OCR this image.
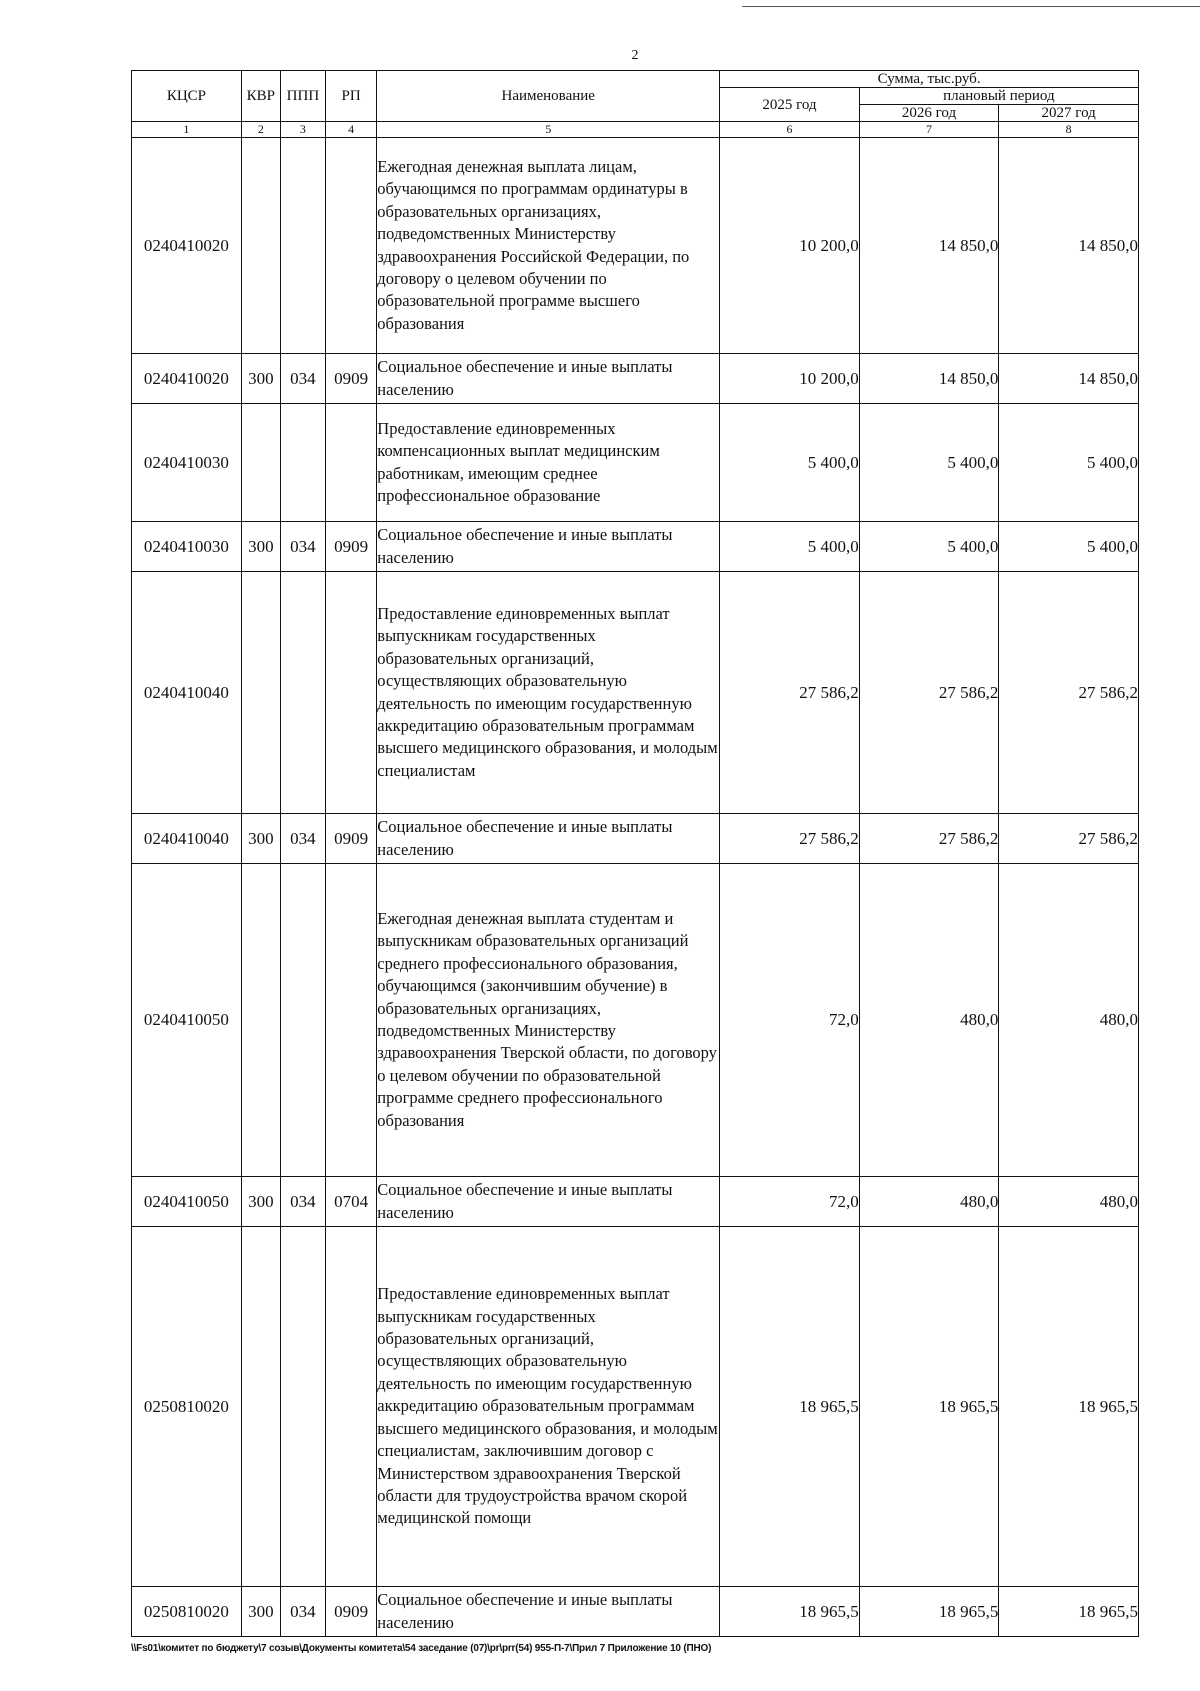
2
КЦСР	КВР	ППП	РП	Наименование	Сумма, тыс.руб.		
					2025 год	плановый период	
						2026 год	2027 год
1	2	3	4	5	6	7	8
0240410020				Ежегодная денежная выплата лицам, обучающимся по программам ординатуры в образовательных организациях, подведомственных Министерству здравоохранения Российской Федерации, по договору о целевом обучении по образовательной программе высшего образования	10 200,0	14 850,0	14 850,0
0240410020	300	034	0909	Социальное обеспечение и иные выплаты населению	10 200,0	14 850,0	14 850,0
0240410030				Предоставление единовременных компенсационных выплат медицинским работникам, имеющим среднее профессиональное образование	5 400,0	5 400,0	5 400,0
0240410030	300	034	0909	Социальное обеспечение и иные выплаты населению	5 400,0	5 400,0	5 400,0
0240410040				Предоставление единовременных выплат выпускникам государственных образовательных организаций, осуществляющих образовательную деятельность по имеющим государственную аккредитацию образовательным программам высшего медицинского образования, и молодым специалистам	27 586,2	27 586,2	27 586,2
0240410040	300	034	0909	Социальное обеспечение и иные выплаты населению	27 586,2	27 586,2	27 586,2
0240410050				Ежегодная денежная выплата студентам и выпускникам образовательных организаций среднего профессионального образования, обучающимся (закончившим обучение) в образовательных организациях, подведомственных Министерству здравоохранения Тверской области, по договору о целевом обучении по образовательной программе среднего профессионального образования	72,0	480,0	480,0
0240410050	300	034	0704	Социальное обеспечение и иные выплаты населению	72,0	480,0	480,0
0250810020				Предоставление единовременных выплат выпускникам государственных образовательных организаций, осуществляющих образовательную деятельность по имеющим государственную аккредитацию образовательным программам высшего медицинского образования, и молодым специалистам, заключившим договор с Министерством здравоохранения Тверской области для трудоустройства врачом скорой медицинской помощи	18 965,5	18 965,5	18 965,5
0250810020	300	034	0909	Социальное обеспечение и иные выплаты населению	18 965,5	18 965,5	18 965,5
\\Fs01\комитет по бюджету\7 созыв\Документы комитета\54 заседание (07)\pr\prr(54) 955-П-7\Прил 7 Приложение 10 (ПНО)
